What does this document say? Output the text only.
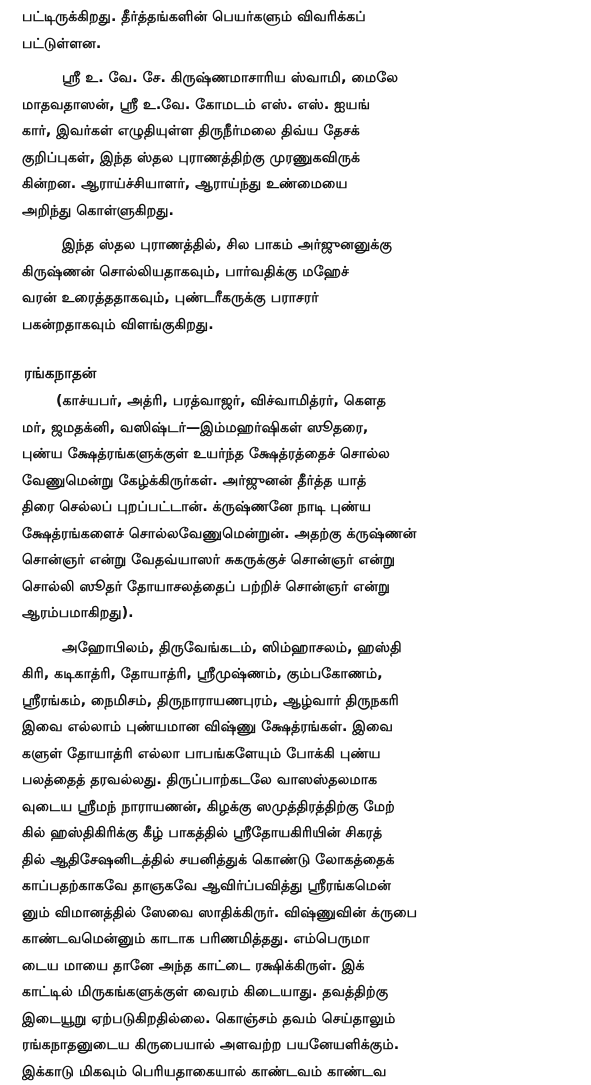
பட்டிருக்கிறது. தீர்த்தங்களின் பெயர்களும் விவரிக்கப்
பட்டுள்ளன.
ஸ்ரீ உ. வே. சே. கிருஷ்ணமாசாரிய ஸ்வாமி, மைலே
மாதவதாஸன், ஸ்ரீ உ.வே. கோமடம் எஸ். எஸ். ஐயங்
கார், இவர்கள் எழுதியுள்ள திருநீர்மலை திவ்ய தேசக்
குறிப்புகள், இந்த ஸ்தல புராணத்திற்கு முரணுகவிருக்
கின்றன. ஆராய்ச்சியாளர், ஆராய்ந்து உண்மையை
அறிந்து கொள்ளுகிறது.
இந்த ஸ்தல புராணத்தில், சில பாகம் அர்ஜுனனுக்கு
கிருஷ்ணன் சொல்லியதாகவும், பார்வதிக்கு மஹேச்
வரன் உரைத்ததாகவும், புண்டரீகருக்கு பராசரர்
பகன்றதாகவும் விளங்குகிறது.
ரங்கநாதன்
(காச்யபர், அத்ரி, பரத்வாஜர், விச்வாமித்ரர், கௌத
மர், ஜமதக்னி, வஸிஷ்டர்—இம்மஹர்ஷிகள் ஸூதரை,
புண்ய க்ஷேத்ரங்களுக்குள் உயர்ந்த க்ஷேத்ரத்தைச் சொல்ல
வேணுமென்று கேழ்க்கிருர்கள். அர்ஜுனன் தீர்த்த யாத்
திரை செல்லப் புறப்பட்டான். க்ருஷ்ணனே நாடி புண்ய
க்ஷேத்ரங்களைச் சொல்லவேணுமென்றுன். அதற்கு க்ருஷ்ணன்
சொன்ஞர் என்று வேதவ்யாஸர் சுகருக்குச் சொன்ஞர் என்று
சொல்லி ஸூதர் தோயாசலத்தைப் பற்றிச் சொன்ஞர் என்று
ஆரம்பமாகிறது).
அஹோபிலம், திருவேங்கடம், ஸிம்ஹாசலம், ஹஸ்தி
கிரி, கடிகாத்ரி, தோயாத்ரி, ஸ்ரீமுஷ்ணம், கும்பகோணம்,
ஸ்ரீரங்கம், நைமிசம், திருநாராயணபுரம், ஆழ்வார் திருநகரி
இவை எல்லாம் புண்யமான விஷ்ணு க்ஷேத்ரங்கள். இவை
களுள் தோயாத்ரி எல்லா பாபங்களேயும் போக்கி புண்ய
பலத்தைத் தரவல்லது. திருப்பாற்கடலே வாஸஸ்தலமாக
வுடைய ஸ்ரீமந் நாராயணன், கிழக்கு ஸமுத்திரத்திற்கு மேற்
கில் ஹஸ்திகிரிக்கு கீழ் பாகத்தில் ஸ்ரீதோயகிரியின் சிகரத்
தில் ஆதிசேஷனிடத்தில் சயனித்துக் கொண்டு லோகத்தைக்
காப்பதற்காகவே தாஞகவே ஆவிர்ப்பவித்து ஸ்ரீரங்கமென்
னும் விமானத்தில் ஸேவை ஸாதிக்கிருர். விஷ்ணுவின் க்ருபை
காண்டவமென்னும் காடாக பரிணமித்தது. எம்பெருமா
டைய மாயை தானே அந்த காட்டை ரக்ஷிக்கிருள். இக்
காட்டில் மிருகங்களுக்குள் வைரம் கிடையாது. தவத்திற்கு
இடையூறு ஏற்படுகிறதில்லை. கொஞ்சம் தவம் செய்தாலும்
ரங்கநாதனுடைய கிருபையால் அளவற்ற பயனேயளிக்கும்.
இக்காடு மிகவும் பெரியதாகையால் காண்டவம் காண்டவ
